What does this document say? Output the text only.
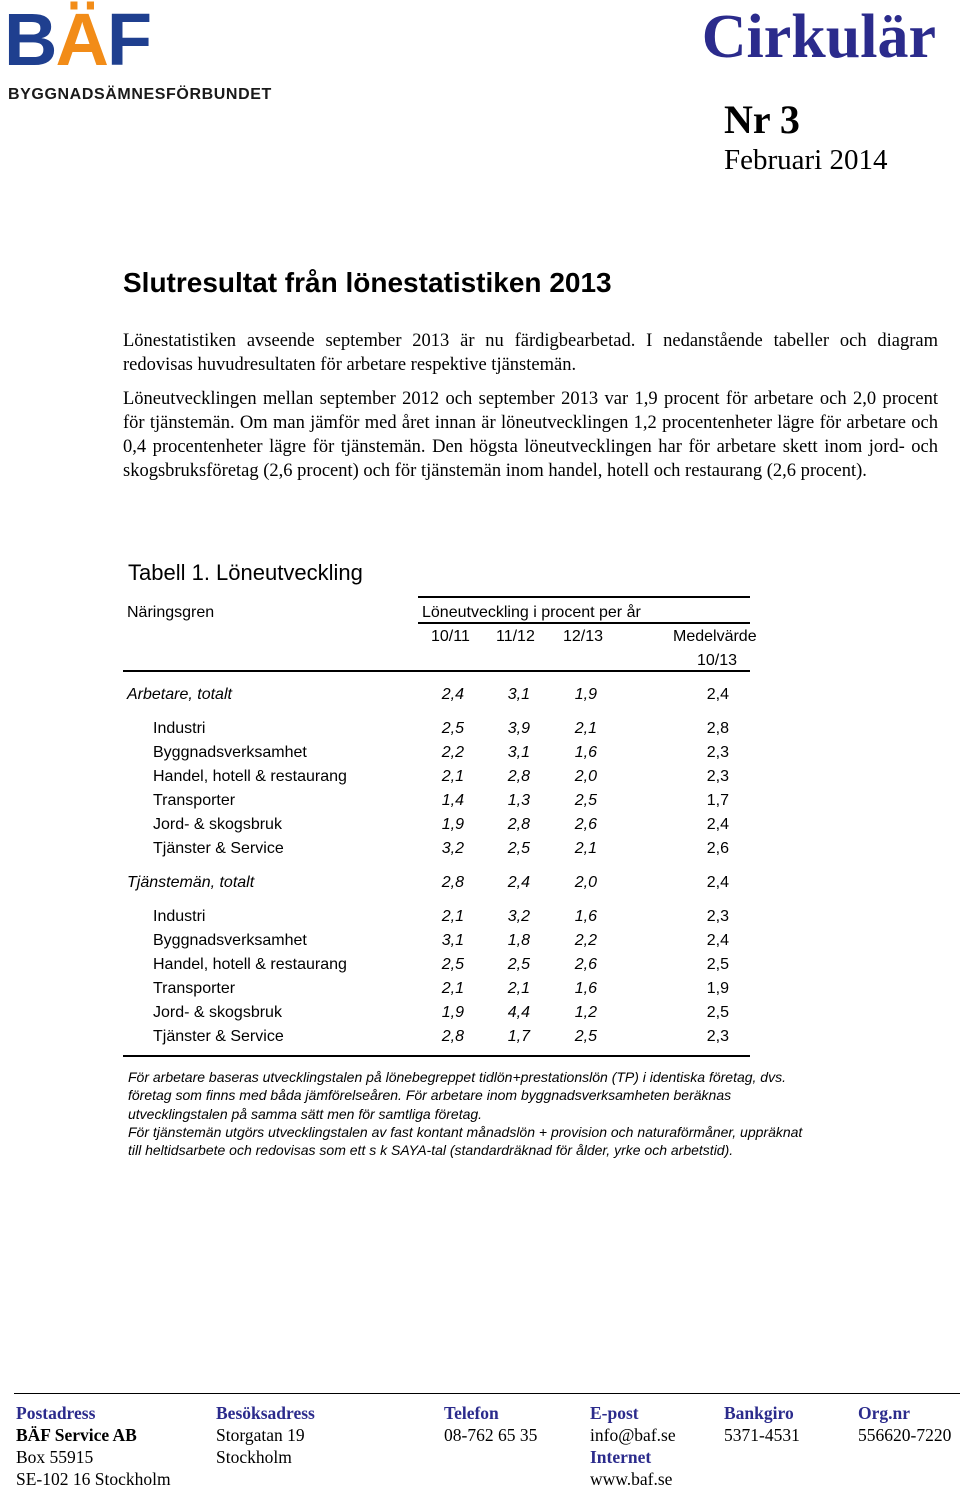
BÄF
BYGGNADSÄMNESFÖRBUNDET
Cirkulär
Nr 3
Februari 2014
Slutresultat från lönestatistiken 2013
Lönestatistiken avseende september 2013 är nu färdigbearbetad. I nedanstående tabeller och diagram redovisas huvudresultaten för arbetare respektive tjänstemän.
Löneutvecklingen mellan september 2012 och september 2013 var 1,9 procent för arbetare och 2,0 procent för tjänstemän. Om man jämför med året innan är löneutvecklingen 1,2 procentenheter lägre för arbetare och 0,4 procentenheter lägre för tjänstemän. Den högsta löneutvecklingen har för arbetare skett inom jord- och skogsbruksföretag (2,6 procent) och för tjänstemän inom handel, hotell och restaurang (2,6 procent).
Tabell 1. Löneutveckling
Näringsgren	Löneutveckling i procent per år
10/11 11/12 12/13	Medelvärde
10/13
Arbetare, totalt	2,4	3,1	1,9	2,4
Industri	2,5	3,9	2,1	2,8
Byggnadsverksamhet	2,2	3,1	1,6	2,3
Handel, hotell & restaurang	2,1	2,8	2,0	2,3
Transporter	1,4	1,3	2,5	1,7
Jord- & skogsbruk	1,9	2,8	2,6	2,4
Tjänster & Service	3,2	2,5	2,1	2,6
Tjänstemän, totalt	2,8	2,4	2,0	2,4
Industri	2,1	3,2	1,6	2,3
Byggnadsverksamhet	3,1	1,8	2,2	2,4
Handel, hotell & restaurang	2,5	2,5	2,6	2,5
Transporter	2,1	2,1	1,6	1,9
Jord- & skogsbruk	1,9	4,4	1,2	2,5
Tjänster & Service	2,8	1,7	2,5	2,3
För arbetare baseras utvecklingstalen på lönebegreppet tidlön+prestationslön (TP) i identiska företag, dvs.
företag som finns med båda jämförelseåren. För arbetare inom byggnadsverksamheten beräknas
utvecklingstalen på samma sätt men för samtliga företag.
För tjänstemän utgörs utvecklingstalen av fast kontant månadslön + provision och naturaförmåner, uppräknat
till heltidsarbete och redovisas som ett s k SAYA-tal (standardräknad för ålder, yrke och arbetstid).
Postadress
BÄF Service AB
Box 55915
SE-102 16 Stockholm
Besöksadress
Storgatan 19
Stockholm
Telefon
08-762 65 35
E-post
info@baf.se
Internet
www.baf.se
Bankgiro
5371-4531
Org.nr
556620-7220
